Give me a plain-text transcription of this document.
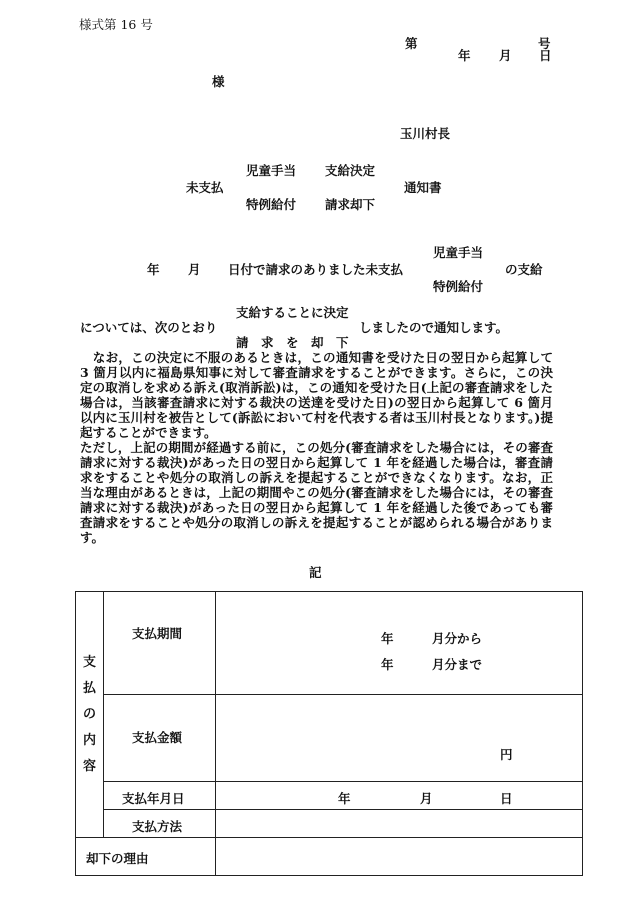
様式第 16 号
第	号
年 月 日
様
玉川村長
児童手当 支給決定
未支払	通知書
特例給付 請求却下
児童手当
年 月 日付で請求のありました未支払	の支給
特例給付
支給することに決定
については、次のとおり	しましたので通知します。
請　求　を　却　下

　なお，この決定に不服のあるときは，この通知書を受けた日の翌日から起算して 3 箇月以内に福島県知事に対して審査請求をすることができます。さらに，この決定の取消しを求める訴え(取消訴訟)は，この通知を受けた日(上記の審査請求をした場合は，当該審査請求に対する裁決の送達を受けた日)の翌日から起算して 6 箇月以内に玉川村を被告として(訴訟において村を代表する者は玉川村長となります。)提起することができます。

ただし，上記の期間が経過する前に，この処分(審査請求をした場合には，その審査請求に対する裁決)があった日の翌日から起算して 1 年を経過した場合は，審査請求をすることや処分の取消しの訴えを提起することができなくなります。なお，正当な理由があるときは，上記の期間やこの処分(審査請求をした場合には，その審査請求に対する裁決)があった日の翌日から起算して 1 年を経過した後であっても審査請求をすることや処分の取消しの訴えを提起することが認められる場合があります。

記
支
払
の
内
容	支払期間	年 月分から
年 月分まで

	支払金額	円

	支払年月日	年 月 日

	支払方法	

却下の理由		
